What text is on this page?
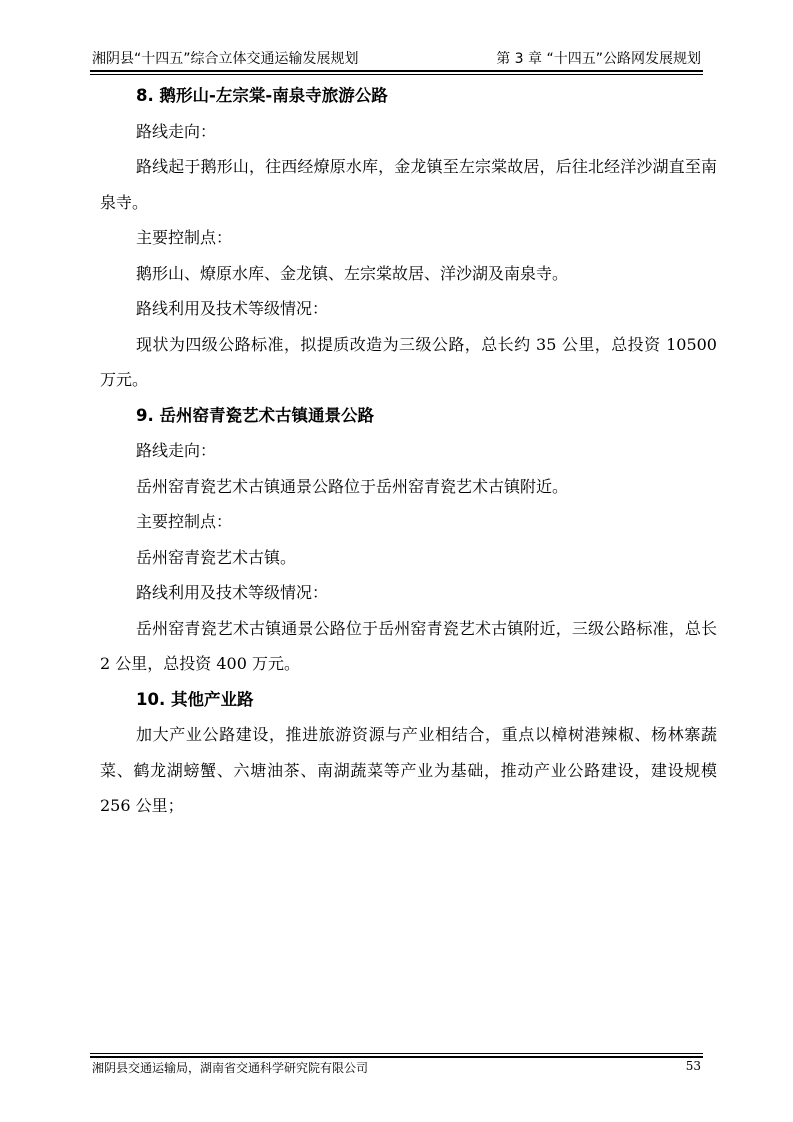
湘阴县“十四五”综合立体交通运输发展规划	第 3 章 “十四五”公路网发展规划

8. 鹅形山-左宗棠-南泉寺旅游公路

路线走向：

路线起于鹅形山，往西经燎原水库，金龙镇至左宗棠故居，后往北经洋沙湖直至南泉寺。

主要控制点：

鹅形山、燎原水库、金龙镇、左宗棠故居、洋沙湖及南泉寺。

路线利用及技术等级情况：

现状为四级公路标准，拟提质改造为三级公路，总长约 35 公里，总投资 10500 万元。

9. 岳州窑青瓷艺术古镇通景公路

路线走向：

岳州窑青瓷艺术古镇通景公路位于岳州窑青瓷艺术古镇附近。

主要控制点：

岳州窑青瓷艺术古镇。

路线利用及技术等级情况：

岳州窑青瓷艺术古镇通景公路位于岳州窑青瓷艺术古镇附近，三级公路标准，总长 2 公里，总投资 400 万元。

10. 其他产业路

加大产业公路建设，推进旅游资源与产业相结合，重点以樟树港辣椒、杨林寨蔬菜、鹤龙湖螃蟹、六塘油茶、南湖蔬菜等产业为基础，推动产业公路建设，建设规模 256 公里；

湘阴县交通运输局，湖南省交通科学研究院有限公司	53
